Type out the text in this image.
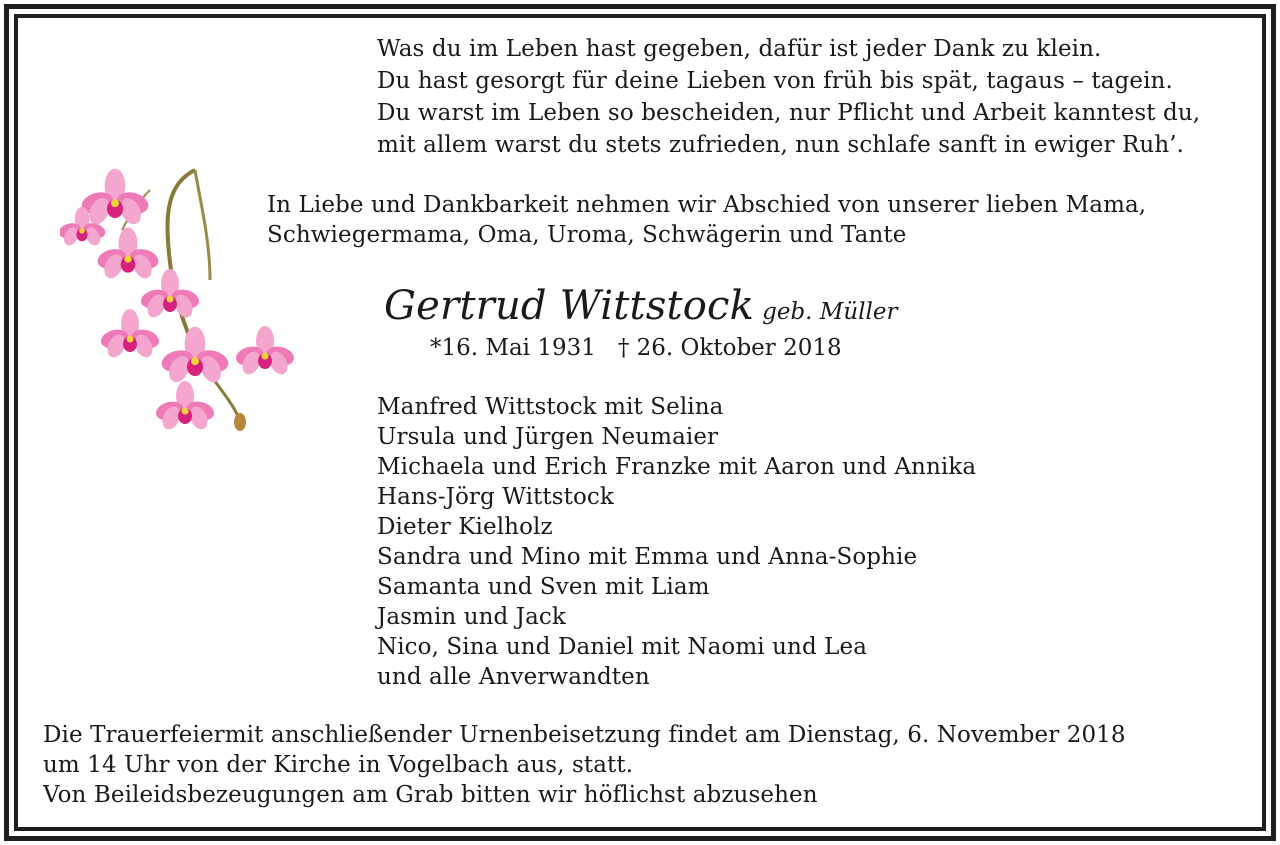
Was du im Leben hast gegeben, dafür ist jeder Dank zu klein.
Du hast gesorgt für deine Lieben von früh bis spät, tagaus – tagein.
Du warst im Leben so bescheiden, nur Pflicht und Arbeit kanntest du,
mit allem warst du stets zufrieden, nun schlafe sanft in ewiger Ruh’.
In Liebe und Dankbarkeit nehmen wir Abschied von unserer lieben Mama,
Schwiegermama, Oma, Uroma, Schwägerin und Tante
Gertrud Wittstock geb. Müller
*16. Mai 1931 † 26. Oktober 2018
Manfred Wittstock mit Selina
Ursula und Jürgen Neumaier
Michaela und Erich Franzke mit Aaron und Annika
Hans-Jörg Wittstock
Dieter Kielholz
Sandra und Mino mit Emma und Anna-Sophie
Samanta und Sven mit Liam
Jasmin und Jack
Nico, Sina und Daniel mit Naomi und Lea
und alle Anverwandten
Die Trauerfeiermit anschließender Urnenbeisetzung findet am Dienstag, 6. November 2018
um 14 Uhr von der Kirche in Vogelbach aus, statt.
Von Beileidsbezeugungen am Grab bitten wir höflichst abzusehen
